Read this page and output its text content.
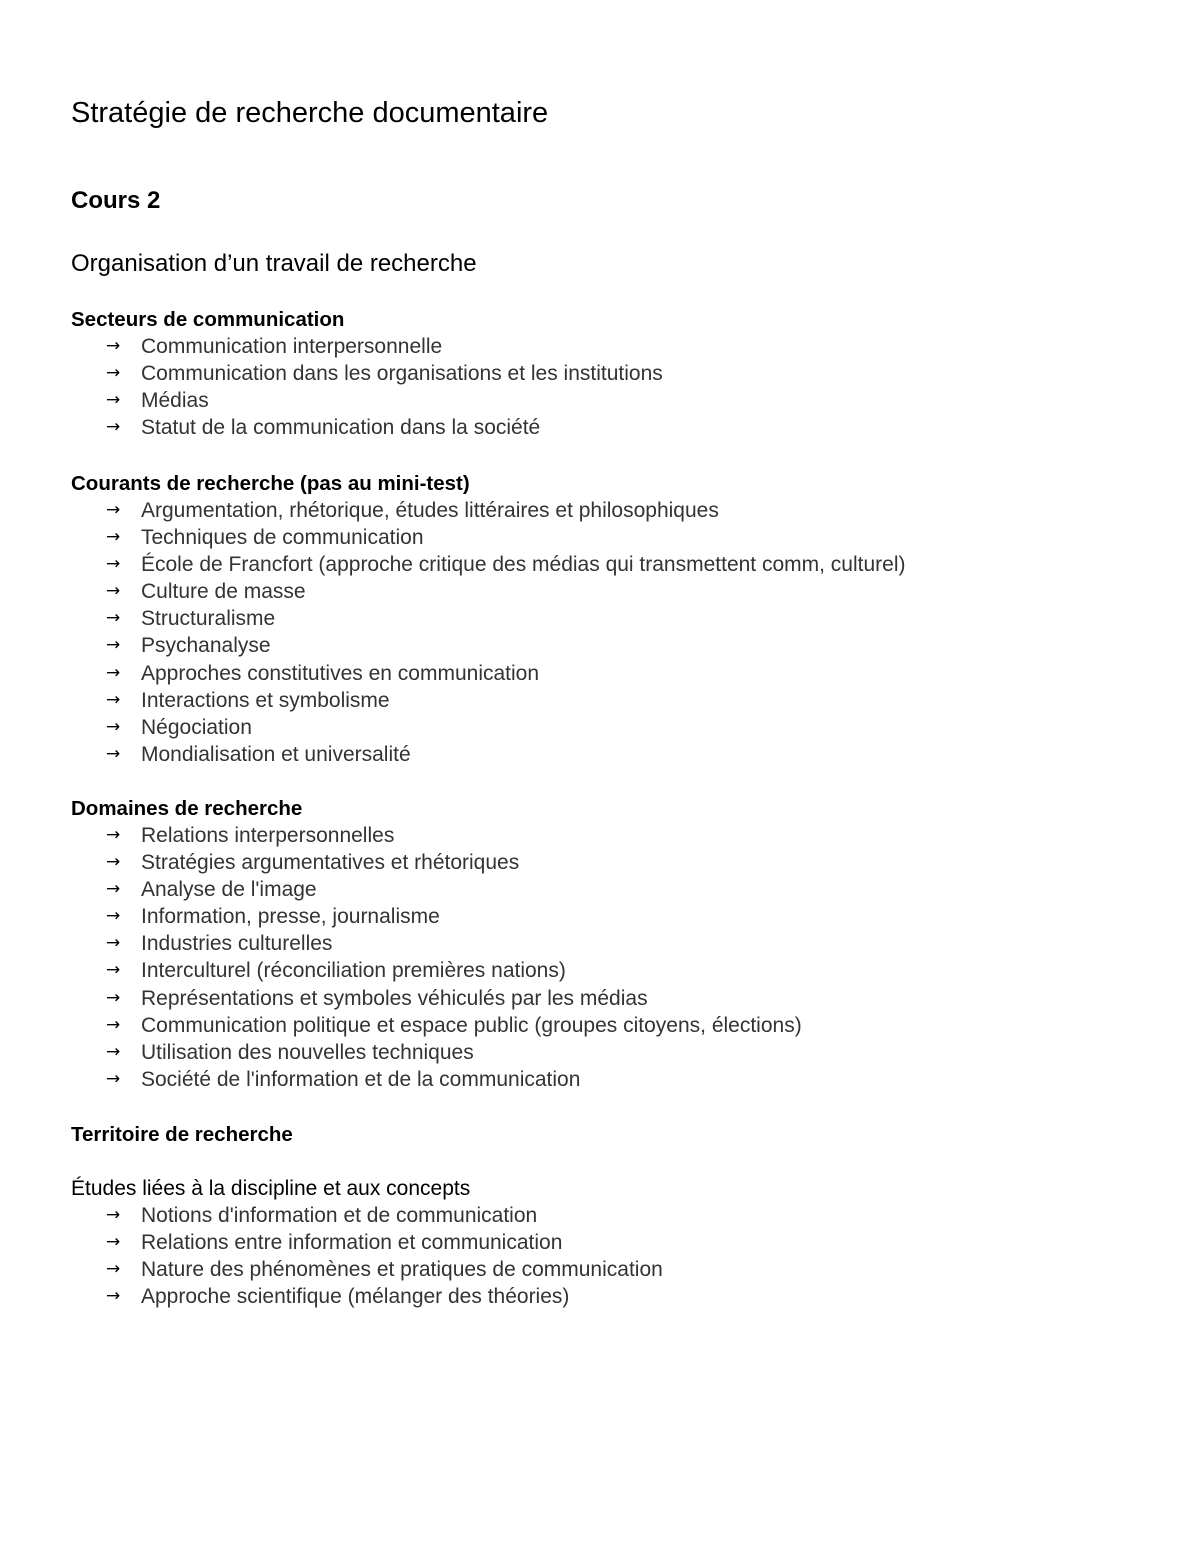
Stratégie de recherche documentaire
Cours 2
Organisation d’un travail de recherche
Secteurs de communication
→ Communication interpersonnelle
→ Communication dans les organisations et les institutions
→ Médias
→ Statut de la communication dans la société
Courants de recherche (pas au mini-test)
→ Argumentation, rhétorique, études littéraires et philosophiques
→ Techniques de communication
→ École de Francfort (approche critique des médias qui transmettent comm, culturel)
→ Culture de masse
→ Structuralisme
→ Psychanalyse
→ Approches constitutives en communication
→ Interactions et symbolisme
→ Négociation
→ Mondialisation et universalité
Domaines de recherche
→ Relations interpersonnelles
→ Stratégies argumentatives et rhétoriques
→ Analyse de l'image
→ Information, presse, journalisme
→ Industries culturelles
→ Interculturel (réconciliation premières nations)
→ Représentations et symboles véhiculés par les médias
→ Communication politique et espace public (groupes citoyens, élections)
→ Utilisation des nouvelles techniques
→ Société de l'information et de la communication
Territoire de recherche
Études liées à la discipline et aux concepts
→ Notions d'information et de communication
→ Relations entre information et communication
→ Nature des phénomènes et pratiques de communication
→ Approche scientifique (mélanger des théories)
